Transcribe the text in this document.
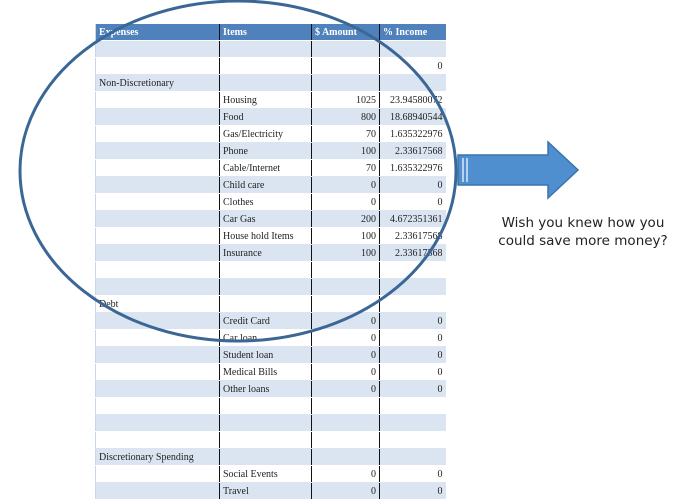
Expenses	Items	$ Amount	% Income

			0
Non-Discretionary			
	Housing	1025	23.94580072
	Food	800	18.68940544
	Gas/Electricity	70	1.635322976
	Phone	100	2.33617568
	Cable/Internet	70	1.635322976
	Child care	0	0
	Clothes	0	0
	Car Gas	200	4.672351361
	House hold Items	100	2.33617568
	Insurance	100	2.33617568

Debt			
	Credit Card	0	0
	Car loan	0	0
	Student loan	0	0
	Medical Bills	0	0
	Other loans	0	0

Discretionary Spending			
	Social Events	0	0
	Travel	0	0
Wish you knew how you could save more money?
